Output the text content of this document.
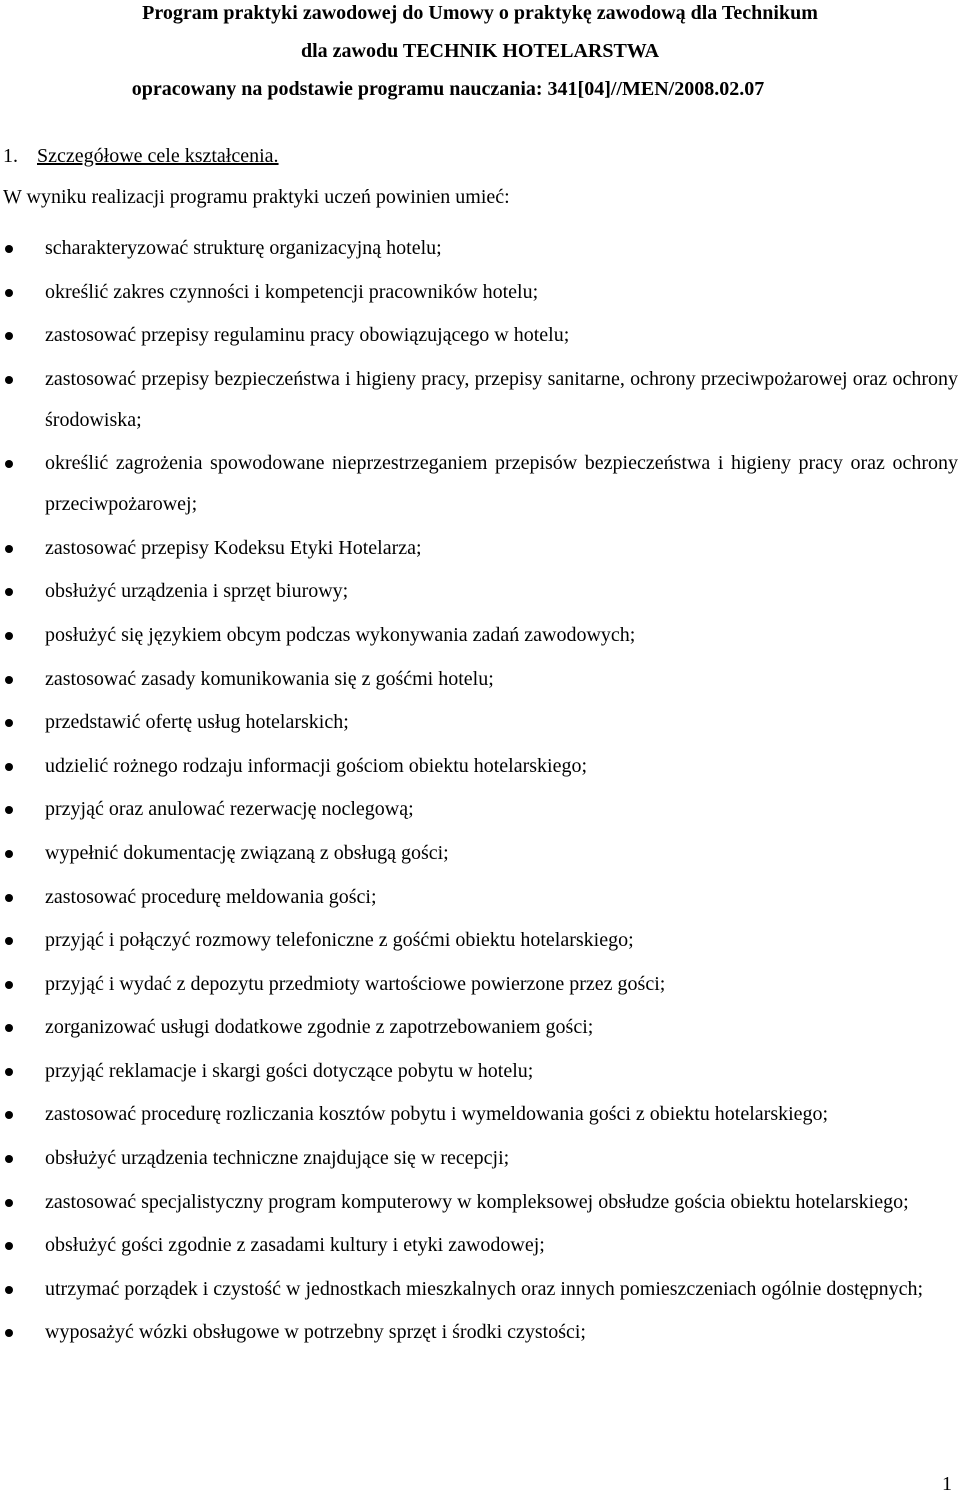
Program praktyki zawodowej do Umowy o praktykę zawodową dla Technikum
dla zawodu TECHNIK HOTELARSTWA
opracowany na podstawie programu nauczania: 341[04]//MEN/2008.02.07
1. Szczegółowe cele kształcenia.
W wyniku realizacji programu praktyki uczeń powinien umieć:
scharakteryzować strukturę organizacyjną hotelu;
określić zakres czynności i kompetencji pracowników hotelu;
zastosować przepisy regulaminu pracy obowiązującego w hotelu;
zastosować przepisy bezpieczeństwa i higieny pracy, przepisy sanitarne, ochrony przeciwpożarowej oraz ochrony środowiska;
określić zagrożenia spowodowane nieprzestrzeganiem przepisów bezpieczeństwa i higieny pracy oraz ochrony przeciwpożarowej;
zastosować przepisy Kodeksu Etyki Hotelarza;
obsłużyć urządzenia i sprzęt biurowy;
posłużyć się językiem obcym podczas wykonywania zadań zawodowych;
zastosować zasady komunikowania się z gośćmi hotelu;
przedstawić ofertę usług hotelarskich;
udzielić rożnego rodzaju informacji gościom obiektu hotelarskiego;
przyjąć oraz anulować rezerwację noclegową;
wypełnić dokumentację związaną z obsługą gości;
zastosować procedurę meldowania gości;
przyjąć i połączyć rozmowy telefoniczne z gośćmi obiektu hotelarskiego;
przyjąć i wydać z depozytu przedmioty wartościowe powierzone przez gości;
zorganizować usługi dodatkowe zgodnie z zapotrzebowaniem gości;
przyjąć reklamacje i skargi gości dotyczące pobytu w hotelu;
zastosować procedurę rozliczania kosztów pobytu i wymeldowania gości z obiektu hotelarskiego;
obsłużyć urządzenia techniczne znajdujące się w recepcji;
zastosować specjalistyczny program komputerowy w kompleksowej obsłudze gościa obiektu hotelarskiego;
obsłużyć gości zgodnie z zasadami kultury i etyki zawodowej;
utrzymać porządek i czystość w jednostkach mieszkalnych oraz innych pomieszczeniach ogólnie dostępnych;
wyposażyć wózki obsługowe w potrzebny sprzęt i środki czystości;
1
